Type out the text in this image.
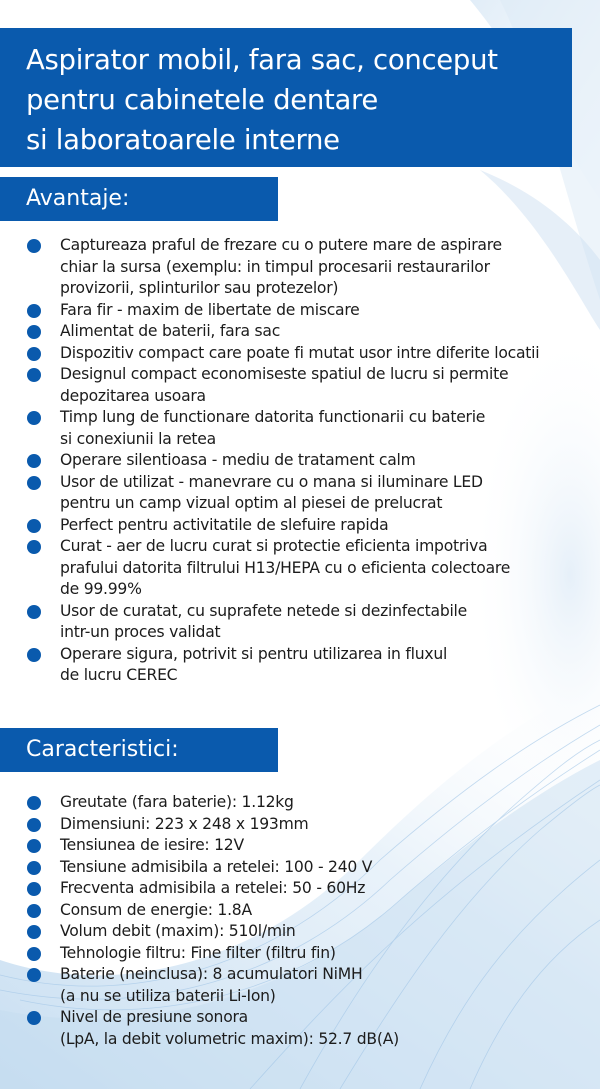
Aspirator mobil, fara sac, conceput
pentru cabinetele dentare
si laboratoarele interne
Avantaje:
Captureaza praful de frezare cu o putere mare de aspirare
chiar la sursa (exemplu: in timpul procesarii restaurarilor
provizorii, splinturilor sau protezelor)
Fara fir - maxim de libertate de miscare
Alimentat de baterii, fara sac
Dispozitiv compact care poate fi mutat usor intre diferite locatii
Designul compact economiseste spatiul de lucru si permite
depozitarea usoara
Timp lung de functionare datorita functionarii cu baterie
si conexiunii la retea
Operare silentioasa - mediu de tratament calm
Usor de utilizat - manevrare cu o mana si iluminare LED
pentru un camp vizual optim al piesei de prelucrat
Perfect pentru activitatile de slefuire rapida
Curat - aer de lucru curat si protectie eficienta impotriva
prafului datorita filtrului H13/HEPA cu o eficienta colectoare
de 99.99%
Usor de curatat, cu suprafete netede si dezinfectabile
intr-un proces validat
Operare sigura, potrivit si pentru utilizarea in fluxul
de lucru CEREC
Caracteristici:
Greutate (fara baterie): 1.12kg
Dimensiuni: 223 x 248 x 193mm
Tensiunea de iesire: 12V
Tensiune admisibila a retelei: 100 - 240 V
Frecventa admisibila a retelei: 50 - 60Hz
Consum de energie: 1.8A
Volum debit (maxim): 510l/min
Tehnologie filtru: Fine filter (filtru fin)
Baterie (neinclusa): 8 acumulatori NiMH
(a nu se utiliza baterii Li-Ion)
Nivel de presiune sonora
(LpA, la debit volumetric maxim): 52.7 dB(A)
